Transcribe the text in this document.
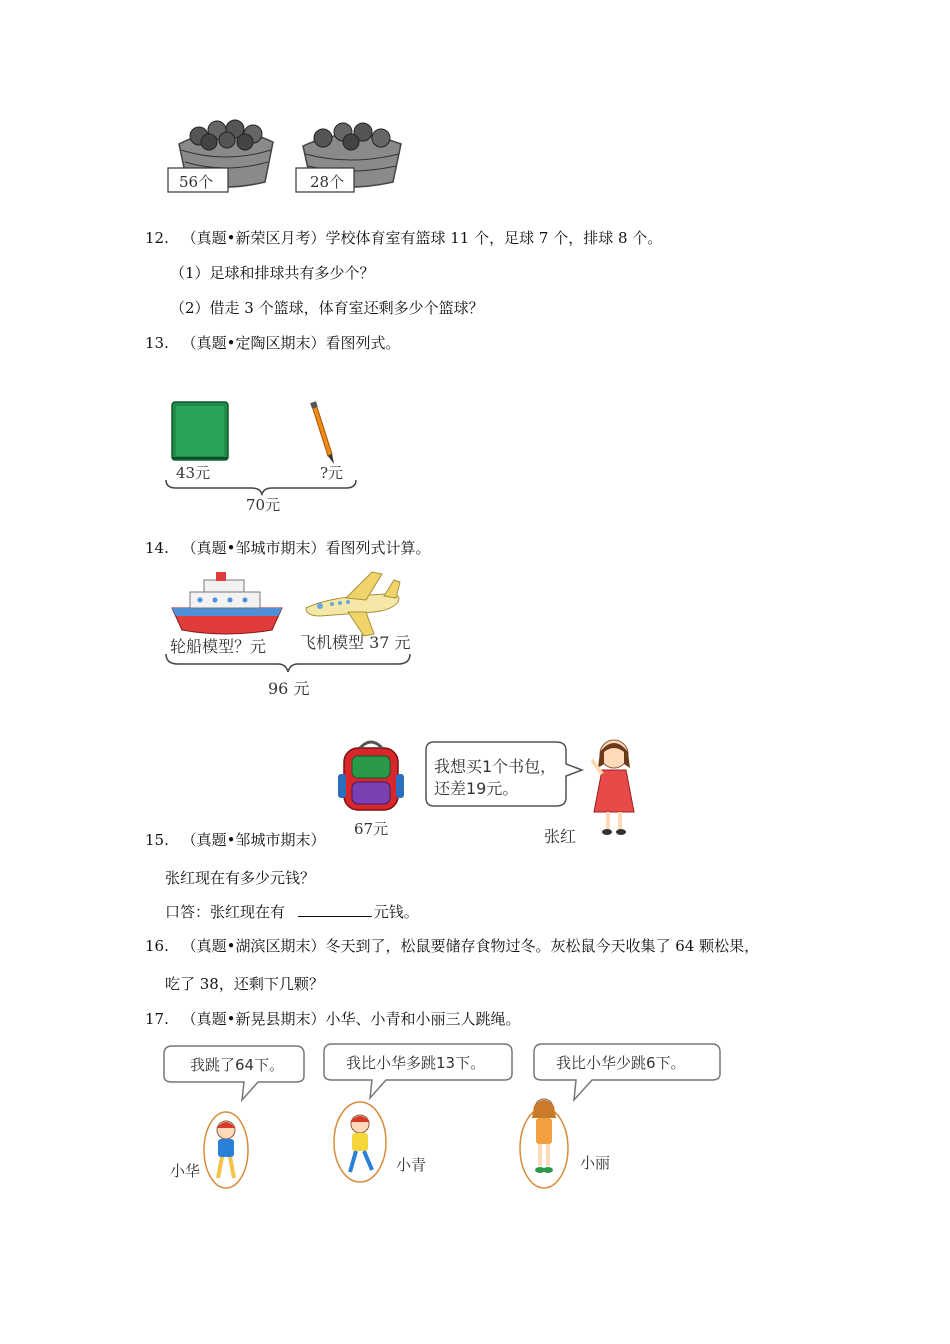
56个	28个
12. （真题•新荣区月考）学校体育室有篮球 11 个，足球 7 个，排球 8 个。
（1）足球和排球共有多少个？
（2）借走 3 个篮球，体育室还剩多少个篮球？
13. （真题•定陶区期末）看图列式。
43元	?元
70元
14. （真题•邹城市期末）看图列式计算。
轮船模型？元 飞机模型 37 元
96 元
67元
我想买1个书包，
还差19元。
张红
15. （真题•邹城市期末）
张红现在有多少元钱？
口答：张红现在有	元钱。
16. （真题•湖滨区期末）冬天到了，松鼠要储存食物过冬。灰松鼠今天收集了 64 颗松果，
吃了 38，还剩下几颗？
17. （真题•新晃县期末）小华、小青和小丽三人跳绳。
我跳了64下。	我比小华多跳13下。	我比小华少跳6下。
小华	小青	小丽
